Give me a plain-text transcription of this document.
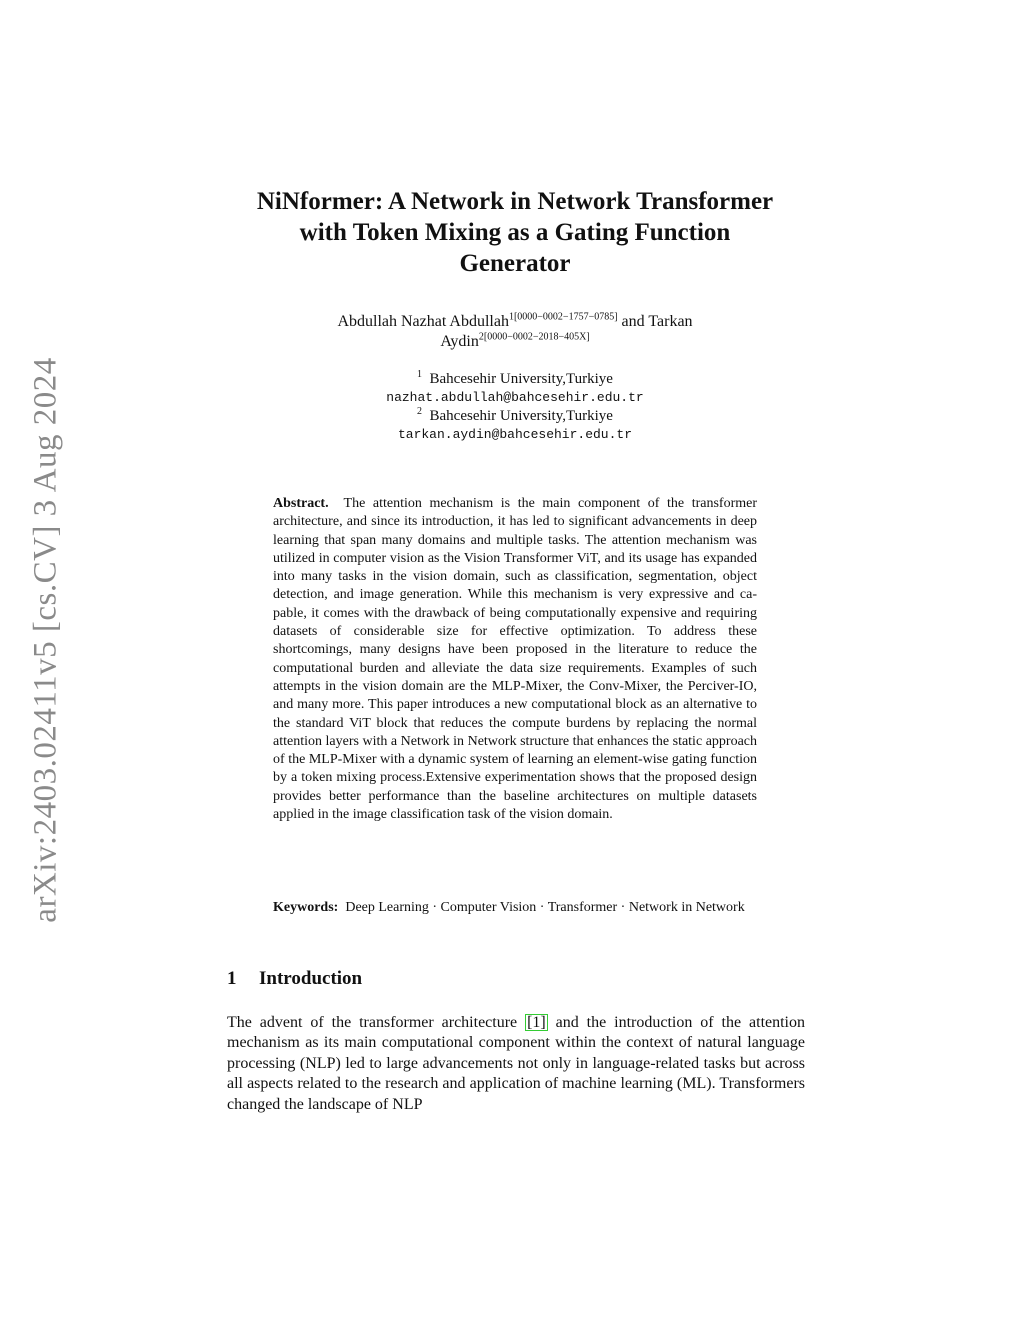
arXiv:2403.02411v5 [cs.CV] 3 Aug 2024
NiNformer: A Network in Network Transformer
with Token Mixing as a Gating Function
Generator
Abdullah Nazhat Abdullah$^{1[0000-0002-1757-0785]}$ and Tarkan
Aydin$^{2[0000-0002-2018-405X]}$
$^1$ Bahcesehir University,Turkiye
nazhat.abdullah@bahcesehir.edu.tr
$^2$ Bahcesehir University,Turkiye
tarkan.aydin@bahcesehir.edu.tr
Abstract. The attention mechanism is the main component of the transformer architecture, and since its introduction, it has led to significant advancements in deep learning that span many domains and multiple tasks. The attention mechanism was utilized in computer vision as the Vision Transformer ViT, and its usage has expanded into many tasks in the vision domain, such as classification, segmentation, object detection, and image generation. While this mechanism is very expressive and capable, it comes with the drawback of being computationally expensive and requiring datasets of considerable size for effective optimization. To address these shortcomings, many designs have been proposed in the literature to reduce the computational burden and alleviate the data size requirements. Examples of such attempts in the vision domain are the MLP-Mixer, the Conv-Mixer, the Perciver-IO, and many more. This paper introduces a new computational block as an alternative to the standard ViT block that reduces the compute burdens by replacing the normal attention layers with a Network in Network structure that enhances the static approach of the MLP-Mixer with a dynamic system of learning an element-wise gating function by a token mixing process.Extensive experimentation shows that the proposed design provides better performance than the baseline architectures on multiple datasets applied in the image classification task of the vision domain.
Keywords: Deep Learning · Computer Vision · Transformer · Network in Network
1 Introduction
The advent of the transformer architecture [1] and the introduction of the attention mechanism as its main computational component within the context of natural language processing (NLP) led to large advancements not only in language-related tasks but across all aspects related to the research and application of machine learning (ML). Transformers changed the landscape of NLP
